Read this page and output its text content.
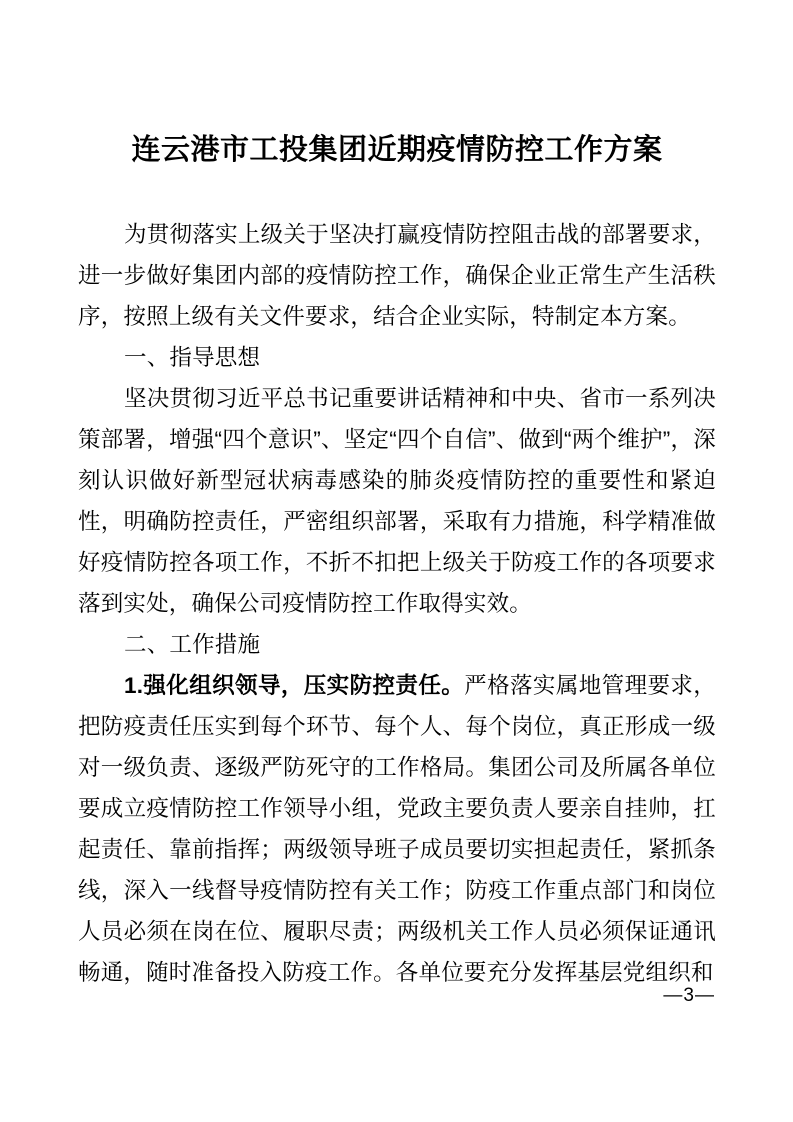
连云港市工投集团近期疫情防控工作方案

为贯彻落实上级关于坚决打赢疫情防控阻击战的部署要求，进一步做好集团内部的疫情防控工作，确保企业正常生产生活秩序，按照上级有关文件要求，结合企业实际，特制定本方案。

一、指导思想

坚决贯彻习近平总书记重要讲话精神和中央、省市一系列决策部署，增强“四个意识”、坚定“四个自信”、做到“两个维护”，深刻认识做好新型冠状病毒感染的肺炎疫情防控的重要性和紧迫性，明确防控责任，严密组织部署，采取有力措施，科学精准做好疫情防控各项工作，不折不扣把上级关于防疫工作的各项要求落到实处，确保公司疫情防控工作取得实效。

二、工作措施

1.强化组织领导，压实防控责任。严格落实属地管理要求，把防疫责任压实到每个环节、每个人、每个岗位，真正形成一级对一级负责、逐级严防死守的工作格局。集团公司及所属各单位要成立疫情防控工作领导小组，党政主要负责人要亲自挂帅，扛起责任、靠前指挥；两级领导班子成员要切实担起责任，紧抓条线，深入一线督导疫情防控有关工作；防疫工作重点部门和岗位人员必须在岗在位、履职尽责；两级机关工作人员必须保证通讯畅通，随时准备投入防疫工作。各单位要充分发挥基层党组织和

—3—
